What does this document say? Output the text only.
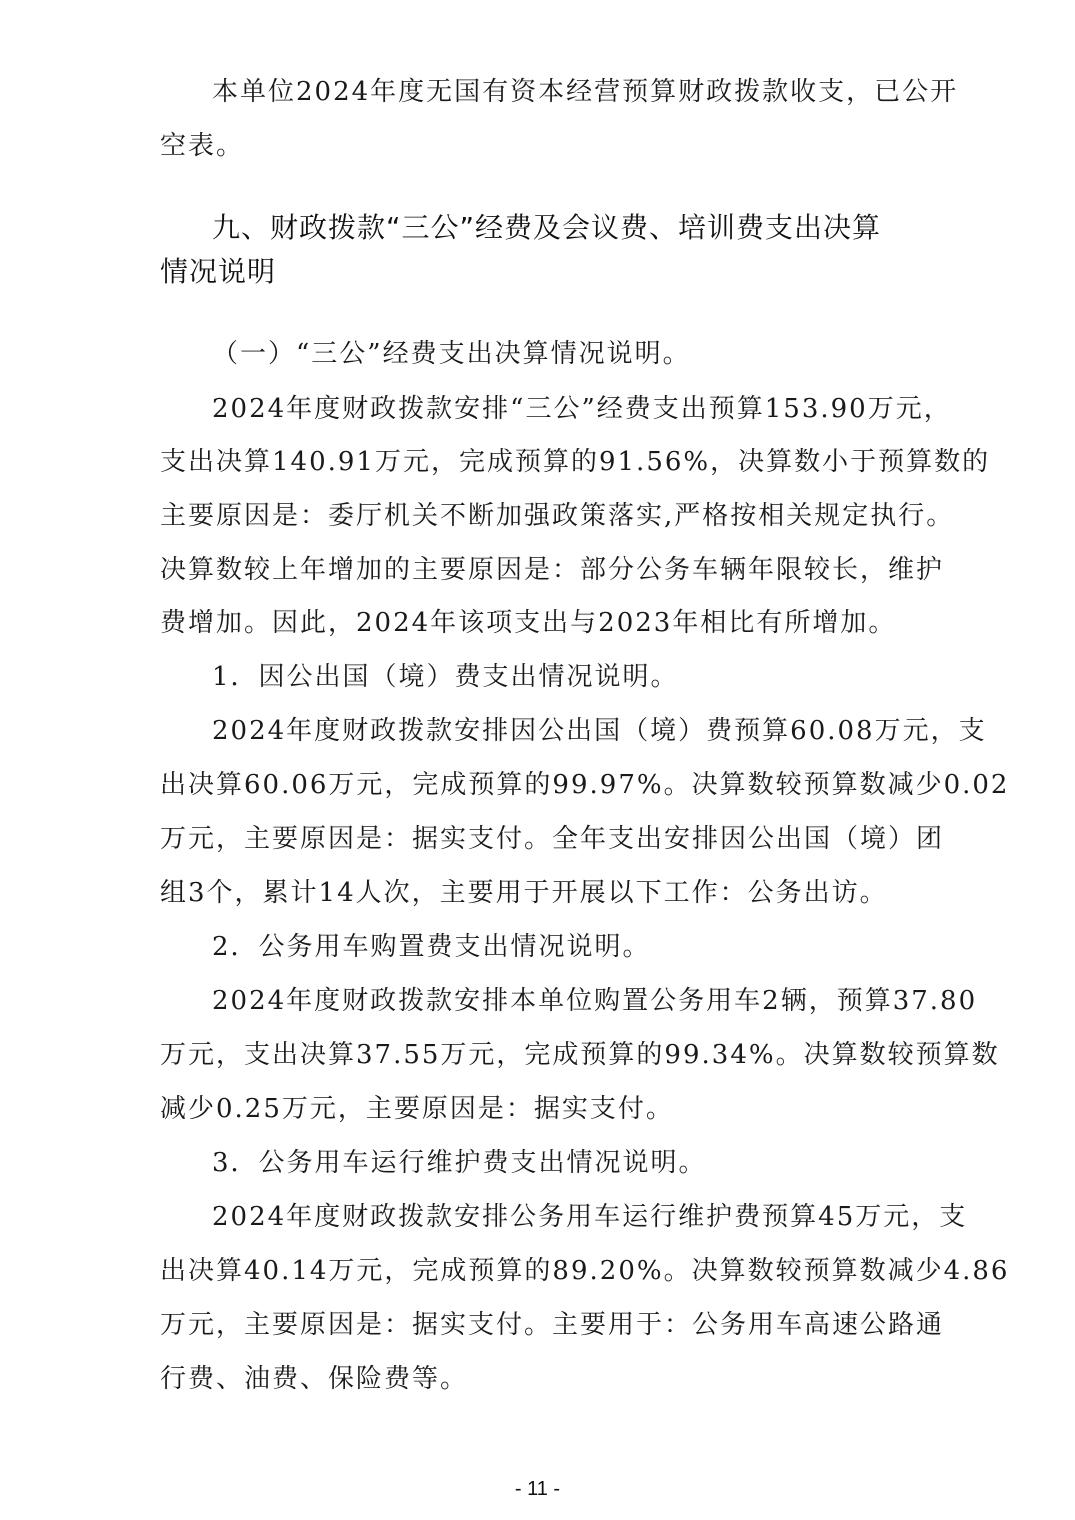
本单位2024年度无国有资本经营预算财政拨款收支，已公开
空表。
九、财政拨款“三公”经费及会议费、培训费支出决算
情况说明
（一）“三公”经费支出决算情况说明。
2024年度财政拨款安排“三公”经费支出预算153.90万元，
支出决算140.91万元，完成预算的91.56%，决算数小于预算数的
主要原因是：委厅机关不断加强政策落实,严格按相关规定执行。
决算数较上年增加的主要原因是：部分公务车辆年限较长，维护
费增加。因此，2024年该项支出与2023年相比有所增加。
1．因公出国（境）费支出情况说明。
2024年度财政拨款安排因公出国（境）费预算60.08万元，支
出决算60.06万元，完成预算的99.97%。决算数较预算数减少0.02
万元，主要原因是：据实支付。全年支出安排因公出国（境）团
组3个，累计14人次，主要用于开展以下工作：公务出访。
2．公务用车购置费支出情况说明。
2024年度财政拨款安排本单位购置公务用车2辆，预算37.80
万元，支出决算37.55万元，完成预算的99.34%。决算数较预算数
减少0.25万元，主要原因是：据实支付。
3．公务用车运行维护费支出情况说明。
2024年度财政拨款安排公务用车运行维护费预算45万元，支
出决算40.14万元，完成预算的89.20%。决算数较预算数减少4.86
万元，主要原因是：据实支付。主要用于：公务用车高速公路通
行费、油费、保险费等。
- 11 -
